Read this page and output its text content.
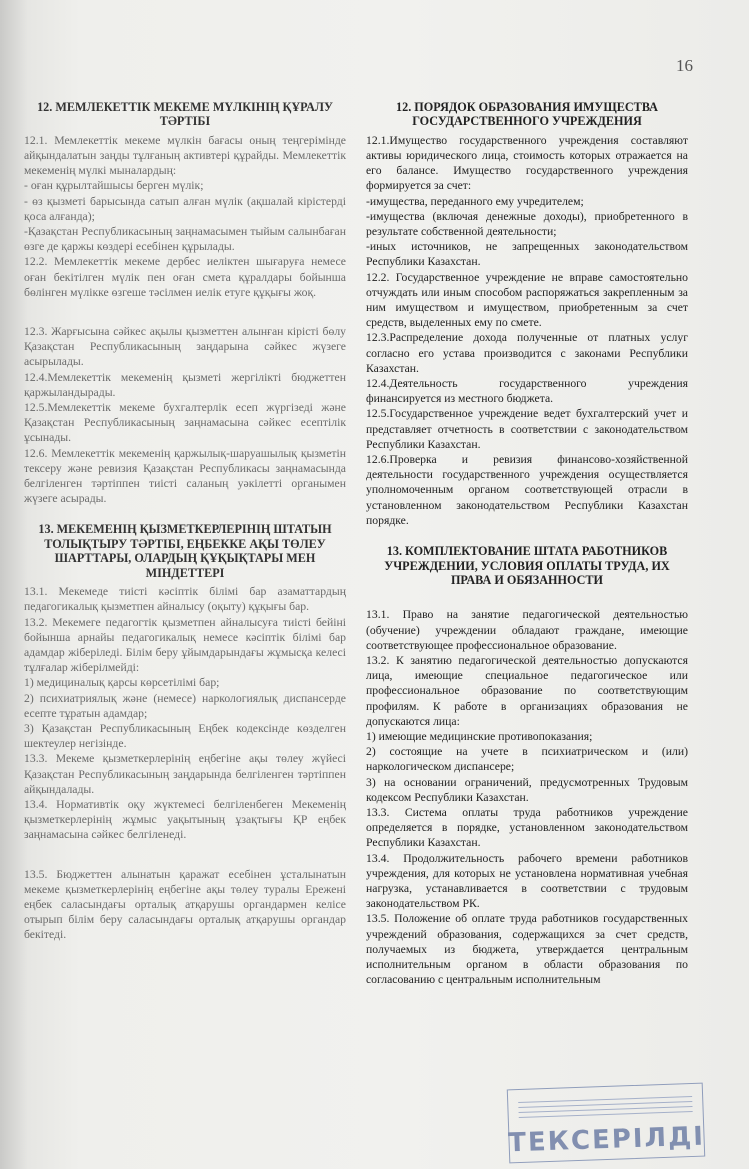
16
12. МЕМЛЕКЕТТІК МЕКЕМЕ МҮЛКІНІҢ ҚҰРАЛУ ТӘРТІБІ

12.1. Мемлекеттік мекеме мүлкін бағасы оның теңгерімінде айқындалатын заңды тұлғаның активтері құрайды. Мемлекеттік мекеменің мүлкі мыналардың:

- оған құрылтайшысы берген мүлік;

- өз қызметі барысында сатып алған мүлік (ақшалай кірістерді қоса алғанда);

-Қазақстан Республикасының заңнамасымен тыйым салынбаған өзге де қаржы көздері есебінен құрылады.

12.2. Мемлекеттік мекеме дербес иеліктен шығаруға немесе оған бекітілген мүлік пен оған смета құралдары бойынша бөлінген мүлікке өзгеше тәсілмен иелік етуге құқығы жоқ.

12.3. Жарғысына сәйкес ақылы қызметтен алынған кірісті бөлу Қазақстан Республикасының заңдарына сәйкес жүзеге асырылады.

12.4.Мемлекеттік мекеменің қызметі жергілікті бюджеттен қаржыландырады.

12.5.Мемлекеттік мекеме бухгалтерлік есеп жүргізеді және Қазақстан Республикасының заңнамасына сәйкес есептілік ұсынады.

12.6. Мемлекеттік мекеменің қаржылық-шаруашылық қызметін тексеру және ревизия Қазақстан Республикасы заңнамасында белгіленген тәртіппен тиісті саланың уәкілетті органымен жүзеге асырады.

13. МЕКЕМЕНІҢ ҚЫЗМЕТКЕРЛЕРІНІҢ ШТАТЫН ТОЛЫҚТЫРУ ТӘРТІБІ, ЕҢБЕККЕ АҚЫ ТӨЛЕУ ШАРТТАРЫ, ОЛАРДЫҢ ҚҰҚЫҚТАРЫ МЕН МІНДЕТТЕРІ

13.1. Мекемеде тиісті кәсіптік білімі бар азаматтардың педагогикалық қызметпен айналысу (оқыту) құқығы бар.

13.2. Мекемеге педагогтік қызметпен айналысуға тиісті бейіні бойынша арнайы педагогикалық немесе кәсіптік білімі бар адамдар жіберіледі. Білім беру ұйымдарындағы жұмысқа келесі тұлғалар жіберілмейді:

1) медициналық қарсы көрсетілімі бар;

2) психиатриялық және (немесе) наркологиялық диспансерде есепте тұратын адамдар;

3) Қазақстан Республикасының Еңбек кодексінде көзделген шектеулер негізінде.

13.3. Мекеме қызметкерлерінің еңбегіне ақы төлеу жүйесі Қазақстан Республикасының заңдарында белгіленген тәртіппен айқындалады.

13.4. Нормативтік оқу жүктемесі белгіленбеген Мекеменің қызметкерлерінің жұмыс уақытының ұзақтығы ҚР еңбек заңнамасына сәйкес белгіленеді.

13.5. Бюджеттен алынатын қаражат есебінен ұсталынатын мекеме қызметкерлерінің еңбегіне ақы төлеу туралы Ережені еңбек саласындағы орталық атқарушы органдармен келісе отырып білім беру саласындағы орталық атқарушы органдар бекітеді.

12. ПОРЯДОК ОБРАЗОВАНИЯ ИМУЩЕСТВА ГОСУДАРСТВЕННОГО УЧРЕЖДЕНИЯ

12.1.Имущество государственного учреждения составляют активы юридического лица, стоимость которых отражается на его балансе. Имущество государственного учреждения формируется за счет:

-имущества, переданного ему учредителем;

-имущества (включая денежные доходы), приобретенного в результате собственной деятельности;

-иных источников, не запрещенных законодательством Республики Казахстан.

12.2. Государственное учреждение не вправе самостоятельно отчуждать или иным способом распоряжаться закрепленным за ним имуществом и имуществом, приобретенным за счет средств, выделенных ему по смете.

12.3.Распределение дохода полученные от платных услуг согласно его устава производится с законами Республики Казахстан.

12.4.Деятельность государственного учреждения финансируется из местного бюджета.

12.5.Государственное учреждение ведет бухгалтерский учет и представляет отчетность в соответствии с законодательством Республики Казахстан.

12.6.Проверка и ревизия финансово-хозяйственной деятельности государственного учреждения осуществляется уполномоченным органом соответствующей отрасли в установленном законодательством Республики Казахстан порядке.

13. КОМПЛЕКТОВАНИЕ ШТАТА РАБОТНИКОВ УЧРЕЖДЕНИИ, УСЛОВИЯ ОПЛАТЫ ТРУДА, ИХ ПРАВА И ОБЯЗАННОСТИ

13.1. Право на занятие педагогической деятельностью (обучение) учреждении обладают граждане, имеющие соответствующее профессиональное образование.

13.2. К занятию педагогической деятельностью допускаются лица, имеющие специальное педагогическое или профессиональное образование по соответствующим профилям. К работе в организациях образования не допускаются лица:

1) имеющие медицинские противопоказания;

2) состоящие на учете в психиатрическом и (или) наркологическом диспансере;

3) на основании ограничений, предусмотренных Трудовым кодексом Республики Казахстан.

13.3. Система оплаты труда работников учреждение определяется в порядке, установленном законодательством Республики Казахстан.

13.4. Продолжительность рабочего времени работников учреждения, для которых не установлена нормативная учебная нагрузка, устанавливается в соответствии с трудовым законодательством РК.

13.5. Положение об оплате труда работников государственных учреждений образования, содержащихся за счет средств, получаемых из бюджета, утверждается центральным исполнительным органом в области образования по согласованию с центральным исполнительным

ТЕКСЕРІЛДІ
